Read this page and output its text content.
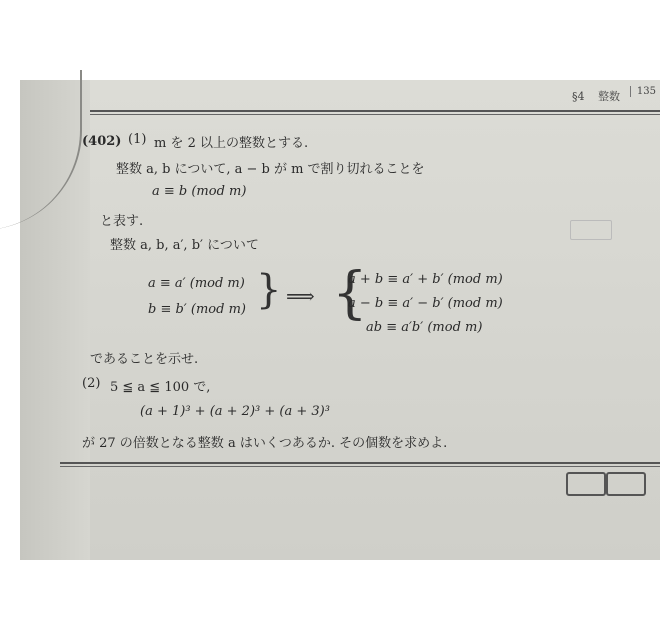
§4 整数	135
(402) (1) m を 2 以上の整数とする.
整数 a, b について, a − b が m で割り切れることを
a ≡ b (mod m)
と表す.
整数 a, b, a′, b′ について
a ≡ a′ (mod m)
b ≡ b′ (mod m) } ⟹ {
a + b ≡ a′ + b′ (mod m)
a − b ≡ a′ − b′ (mod m)
ab ≡ a′b′ (mod m)
であることを示せ.
(2) 5 ≦ a ≦ 100 で,
(a + 1)³ + (a + 2)³ + (a + 3)³
が 27 の倍数となる整数 a はいくつあるか. その個数を求めよ.
